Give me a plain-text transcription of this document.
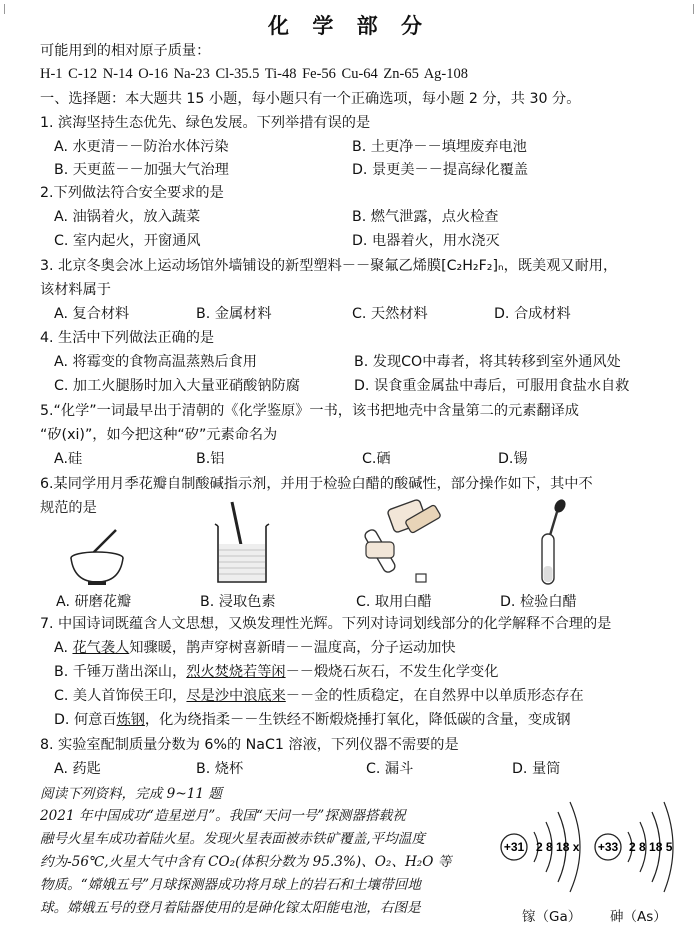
化 学 部 分
可能用到的相对原子质量：
H-1 C-12 N-14 O-16 Na-23 Cl-35.5 Ti-48 Fe-56 Cu-64 Zn-65 Ag-108
一、选择题：本大题共 15 小题，每小题只有一个正确选项，每小题 2 分，共 30 分。
1. 滨海坚持生态优先、绿色发展。下列举措有误的是
A. 水更清－－防治水体污染	B. 土更净－－填埋废弃电池
B. 天更蓝－－加强大气治理	D. 景更美－－提高绿化覆盖
2.下列做法符合安全要求的是
A. 油锅着火，放入蔬菜	B. 燃气泄露，点火检查
C. 室内起火，开窗通风	D. 电器着火，用水浇灭
3. 北京冬奥会冰上运动场馆外墙铺设的新型塑料－－聚氟乙烯膜[C₂H₂F₂]ₙ，既美观又耐用，
该材料属于
A. 复合材料	B. 金属材料	C. 天然材料	D. 合成材料
4. 生活中下列做法正确的是
A. 将霉变的食物高温蒸熟后食用	B. 发现CO中毒者，将其转移到室外通风处
C. 加工火腿肠时加入大量亚硝酸钠防腐	D. 误食重金属盐中毒后，可服用食盐水自救
5.“化学”一词最早出于清朝的《化学鉴原》一书，该书把地壳中含量第二的元素翻译成
“矽(xi)”，如今把这种“矽”元素命名为
A.硅	B.铝	C.硒	D.锡
6.某同学用月季花瓣自制酸碱指示剂，并用于检验白醋的酸碱性，部分操作如下，其中不
规范的是
A. 研磨花瓣	B. 浸取色素	C. 取用白醋	D. 检验白醋
7. 中国诗词既蕴含人文思想，又焕发理性光辉。下列对诗词划线部分的化学解释不合理的是
A. 花气袭人知骤暖，鹊声穿树喜新晴－－温度高，分子运动加快
B. 千锤万凿出深山，烈火焚烧若等闲－－煅烧石灰石，不发生化学变化
C. 美人首饰侯王印，尽是沙中浪底来－－金的性质稳定，在自然界中以单质形态存在
D. 何意百炼钢，化为绕指柔－－生铁经不断煅烧捶打氧化，降低碳的含量，变成钢
8. 实验室配制质量分数为 6%的 NaC1 溶液，下列仪器不需要的是
A. 药匙	B. 烧杯	C. 漏斗	D. 量筒
阅读下列资料，完成 9~11 题
2021 年中国成功“造星逆月”。我国“天问一号”探测器搭载祝
融号火星车成功着陆火星。发现火星表面被赤铁矿覆盖,平均温度
约为-56℃,火星大气中含有 CO₂(体积分数为 95.3%)、O₂、H₂O 等
物质。“嫦娥五号”月球探测器成功将月球上的岩石和土壤带回地
球。嫦娥五号的登月着陆器使用的是砷化镓太阳能电池，右图是
+31 2 8 18 x +33 2 8 18 5
镓（Ga） 砷（As）
